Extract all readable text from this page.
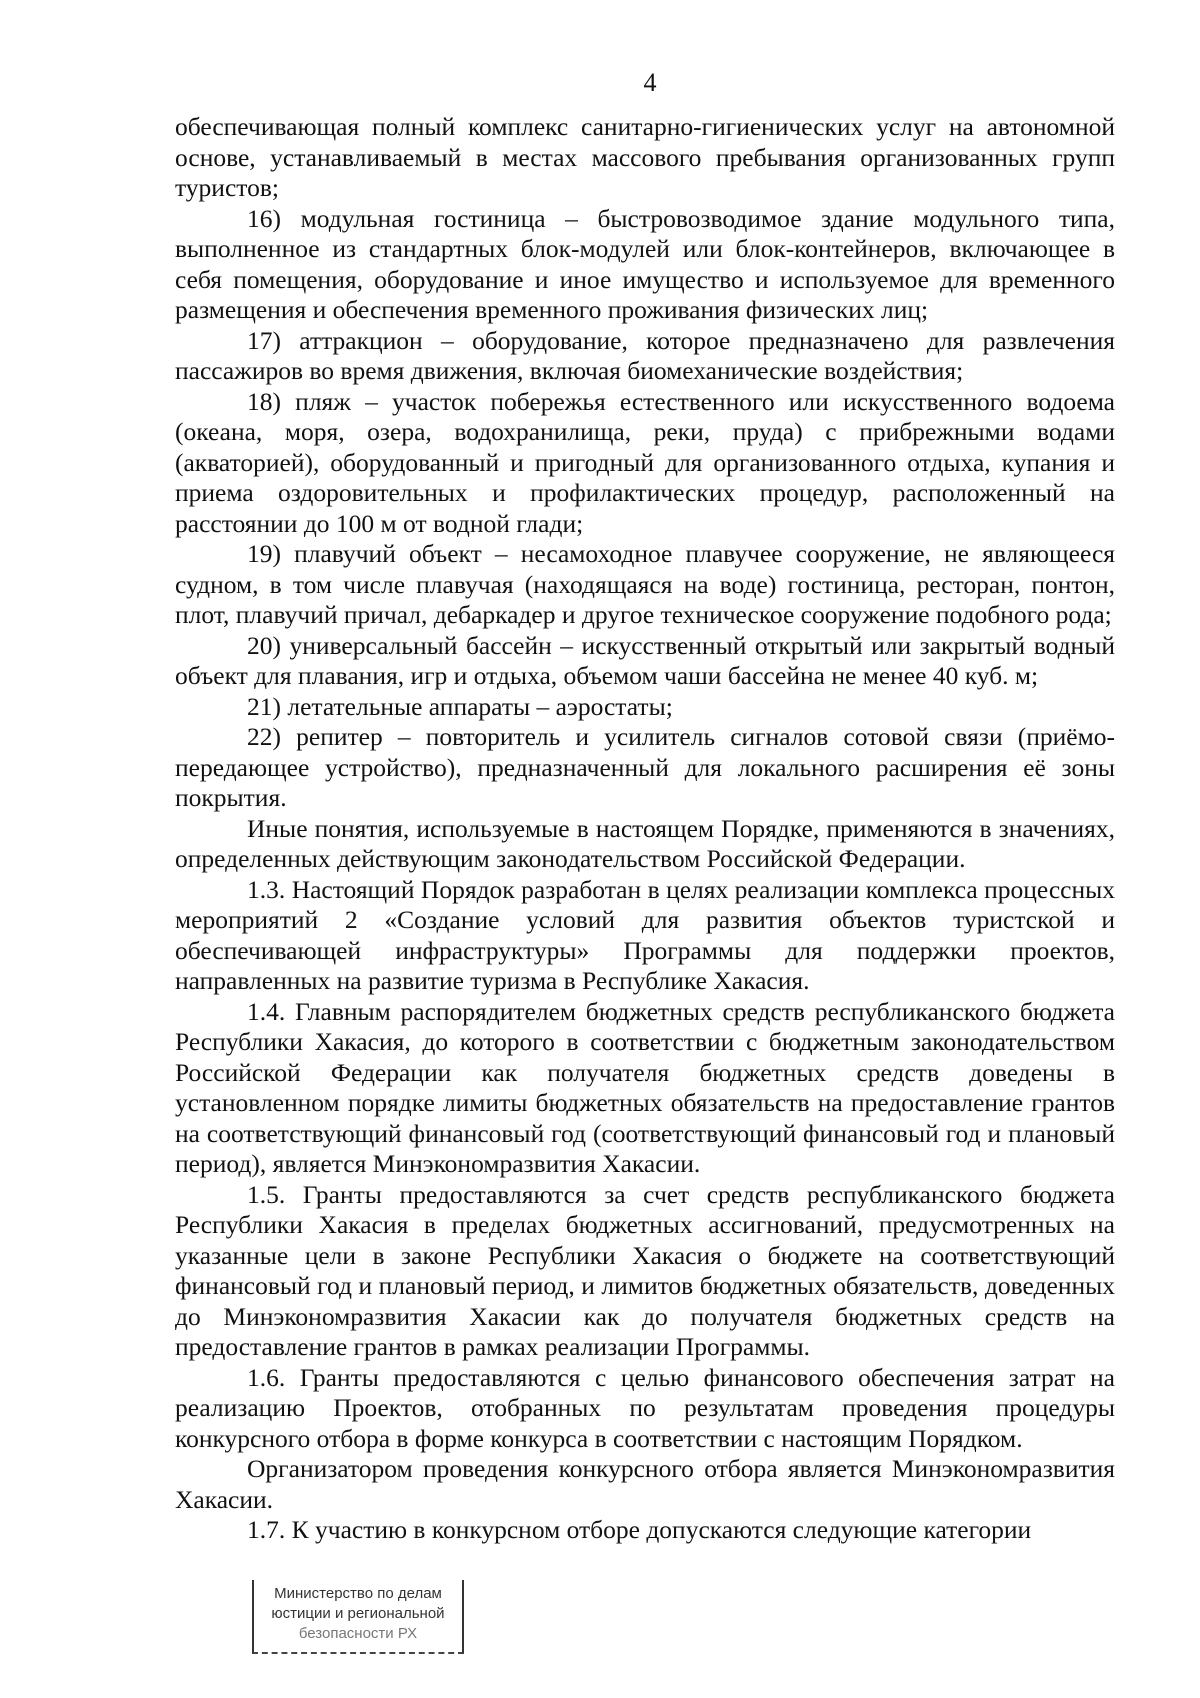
4

обеспечивающая полный комплекс санитарно-гигиенических услуг на автономной основе, устанавливаемый в местах массового пребывания организованных групп туристов;

16) модульная гостиница – быстровозводимое здание модульного типа, выполненное из стандартных блок-модулей или блок-контейнеров, включающее в себя помещения, оборудование и иное имущество и используемое для временного размещения и обеспечения временного проживания физических лиц;

17) аттракцион – оборудование, которое предназначено для развлечения пассажиров во время движения, включая биомеханические воздействия;

18) пляж – участок побережья естественного или искусственного водоема (океана, моря, озера, водохранилища, реки, пруда) с прибрежными водами (акваторией), оборудованный и пригодный для организованного отдыха, купания и приема оздоровительных и профилактических процедур, расположенный на расстоянии до 100 м от водной глади;

19) плавучий объект – несамоходное плавучее сооружение, не являющееся судном, в том числе плавучая (находящаяся на воде) гостиница, ресторан, понтон, плот, плавучий причал, дебаркадер и другое техническое сооружение подобного рода;

20) универсальный бассейн – искусственный открытый или закрытый водный объект для плавания, игр и отдыха, объемом чаши бассейна не менее 40 куб. м;

21) летательные аппараты – аэростаты;

22) репитер – повторитель и усилитель сигналов сотовой связи (приёмо-передающее устройство), предназначенный для локального расширения её зоны покрытия.

Иные понятия, используемые в настоящем Порядке, применяются в значениях, определенных действующим законодательством Российской Федерации.

1.3. Настоящий Порядок разработан в целях реализации комплекса процессных мероприятий 2 «Создание условий для развития объектов туристской и обеспечивающей инфраструктуры» Программы для поддержки проектов, направленных на развитие туризма в Республике Хакасия.

1.4. Главным распорядителем бюджетных средств республиканского бюджета Республики Хакасия, до которого в соответствии с бюджетным законодательством Российской Федерации как получателя бюджетных средств доведены в установленном порядке лимиты бюджетных обязательств на предоставление грантов на соответствующий финансовый год (соответствующий финансовый год и плановый период), является Минэкономразвития Хакасии.

1.5. Гранты предоставляются за счет средств республиканского бюджета Республики Хакасия в пределах бюджетных ассигнований, предусмотренных на указанные цели в законе Республики Хакасия о бюджете на соответствующий финансовый год и плановый период, и лимитов бюджетных обязательств, доведенных до Минэкономразвития Хакасии как до получателя бюджетных средств на предоставление грантов в рамках реализации Программы.

1.6. Гранты предоставляются с целью финансового обеспечения затрат на реализацию Проектов, отобранных по результатам проведения процедуры конкурсного отбора в форме конкурса в соответствии с настоящим Порядком.

Организатором проведения конкурсного отбора является Минэкономразвития Хакасии.

1.7. К участию в конкурсном отборе допускаются следующие категории

Министерство по делам
юстиции и региональной
безопасности РХ
